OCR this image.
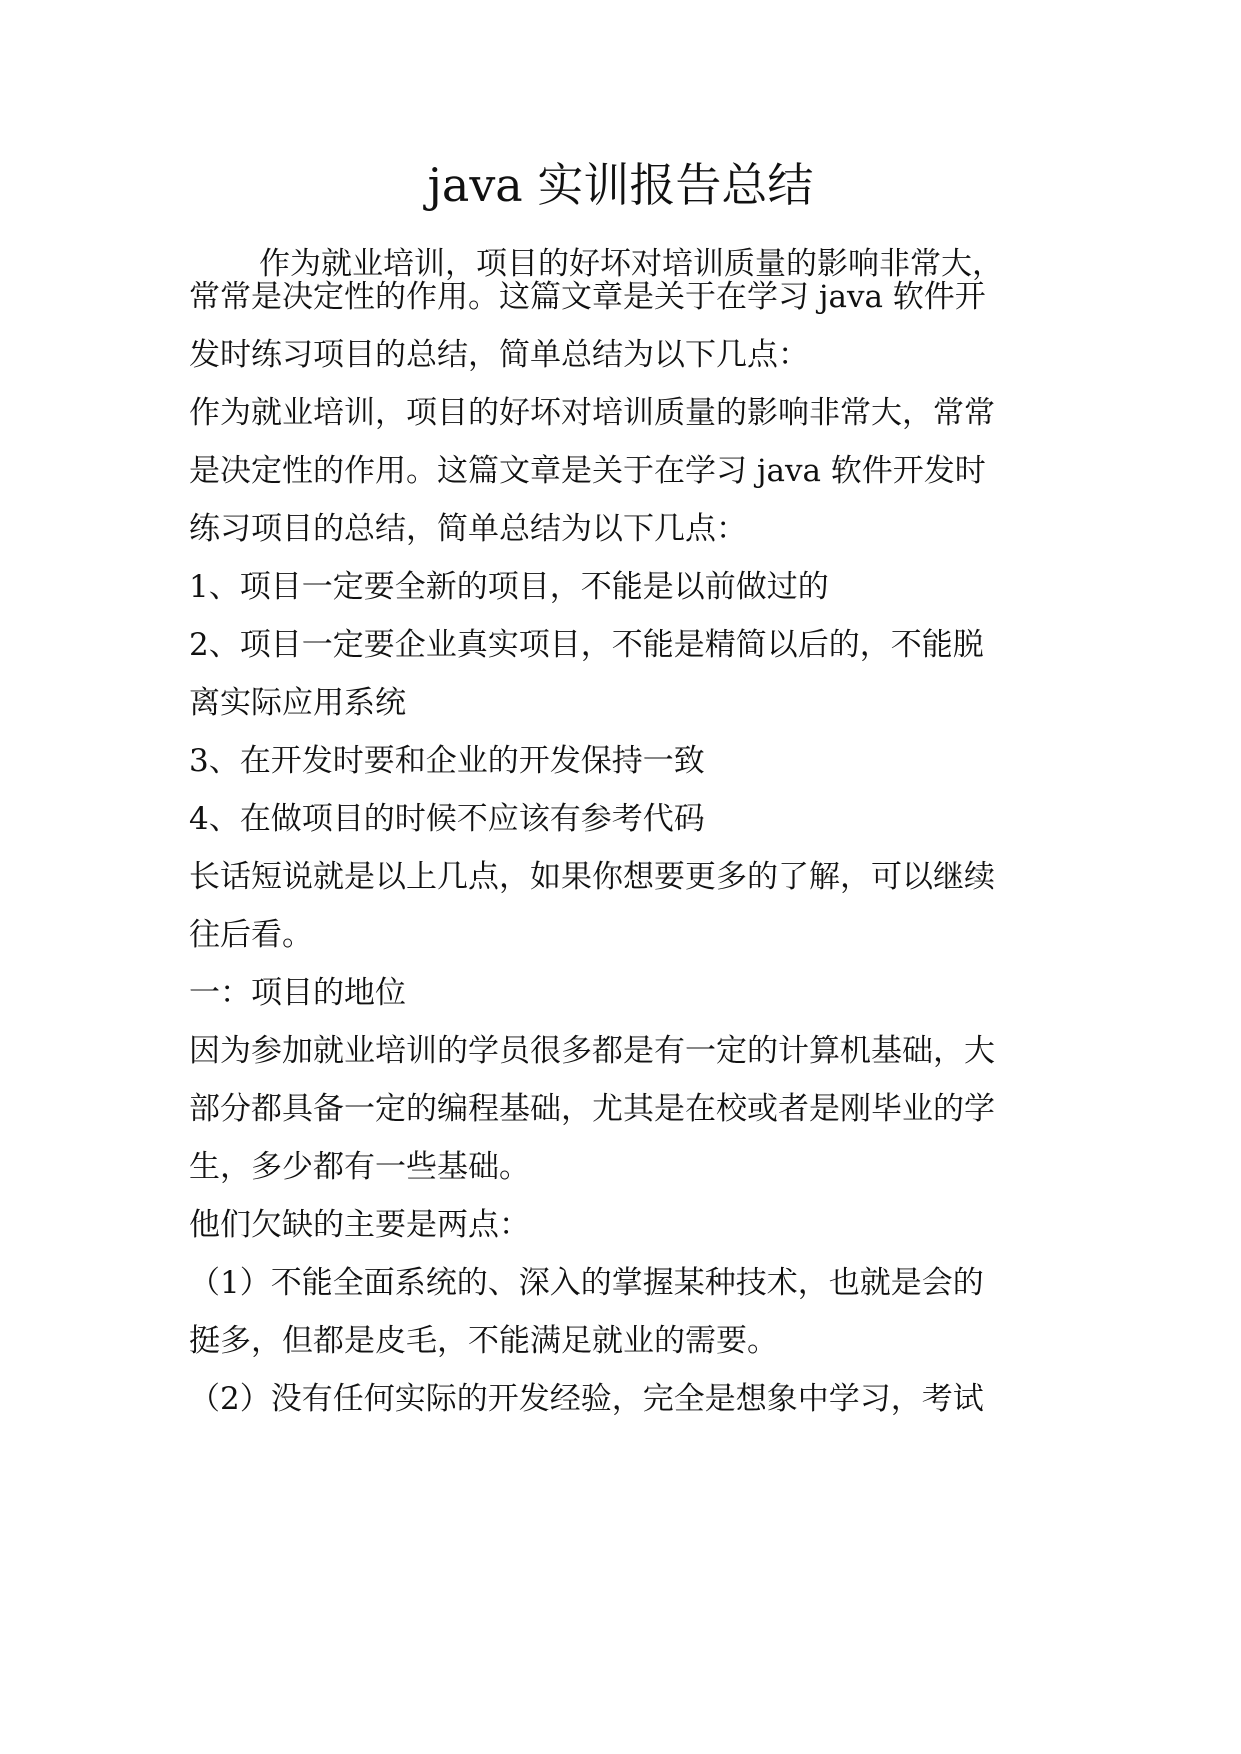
java 实训报告总结
作为就业培训，项目的好坏对培训质量的影响非常大，
常常是决定性的作用。这篇文章是关于在学习 java 软件开
发时练习项目的总结，简单总结为以下几点：
作为就业培训，项目的好坏对培训质量的影响非常大，常常
是决定性的作用。这篇文章是关于在学习 java 软件开发时
练习项目的总结，简单总结为以下几点：
1、项目一定要全新的项目，不能是以前做过的
2、项目一定要企业真实项目，不能是精简以后的，不能脱
离实际应用系统
3、在开发时要和企业的开发保持一致
4、在做项目的时候不应该有参考代码
长话短说就是以上几点，如果你想要更多的了解，可以继续
往后看。
一：项目的地位
因为参加就业培训的学员很多都是有一定的计算机基础，大
部分都具备一定的编程基础，尤其是在校或者是刚毕业的学
生，多少都有一些基础。
他们欠缺的主要是两点：
（1）不能全面系统的、深入的掌握某种技术，也就是会的
挺多，但都是皮毛，不能满足就业的需要。
（2）没有任何实际的开发经验，完全是想象中学习，考试
